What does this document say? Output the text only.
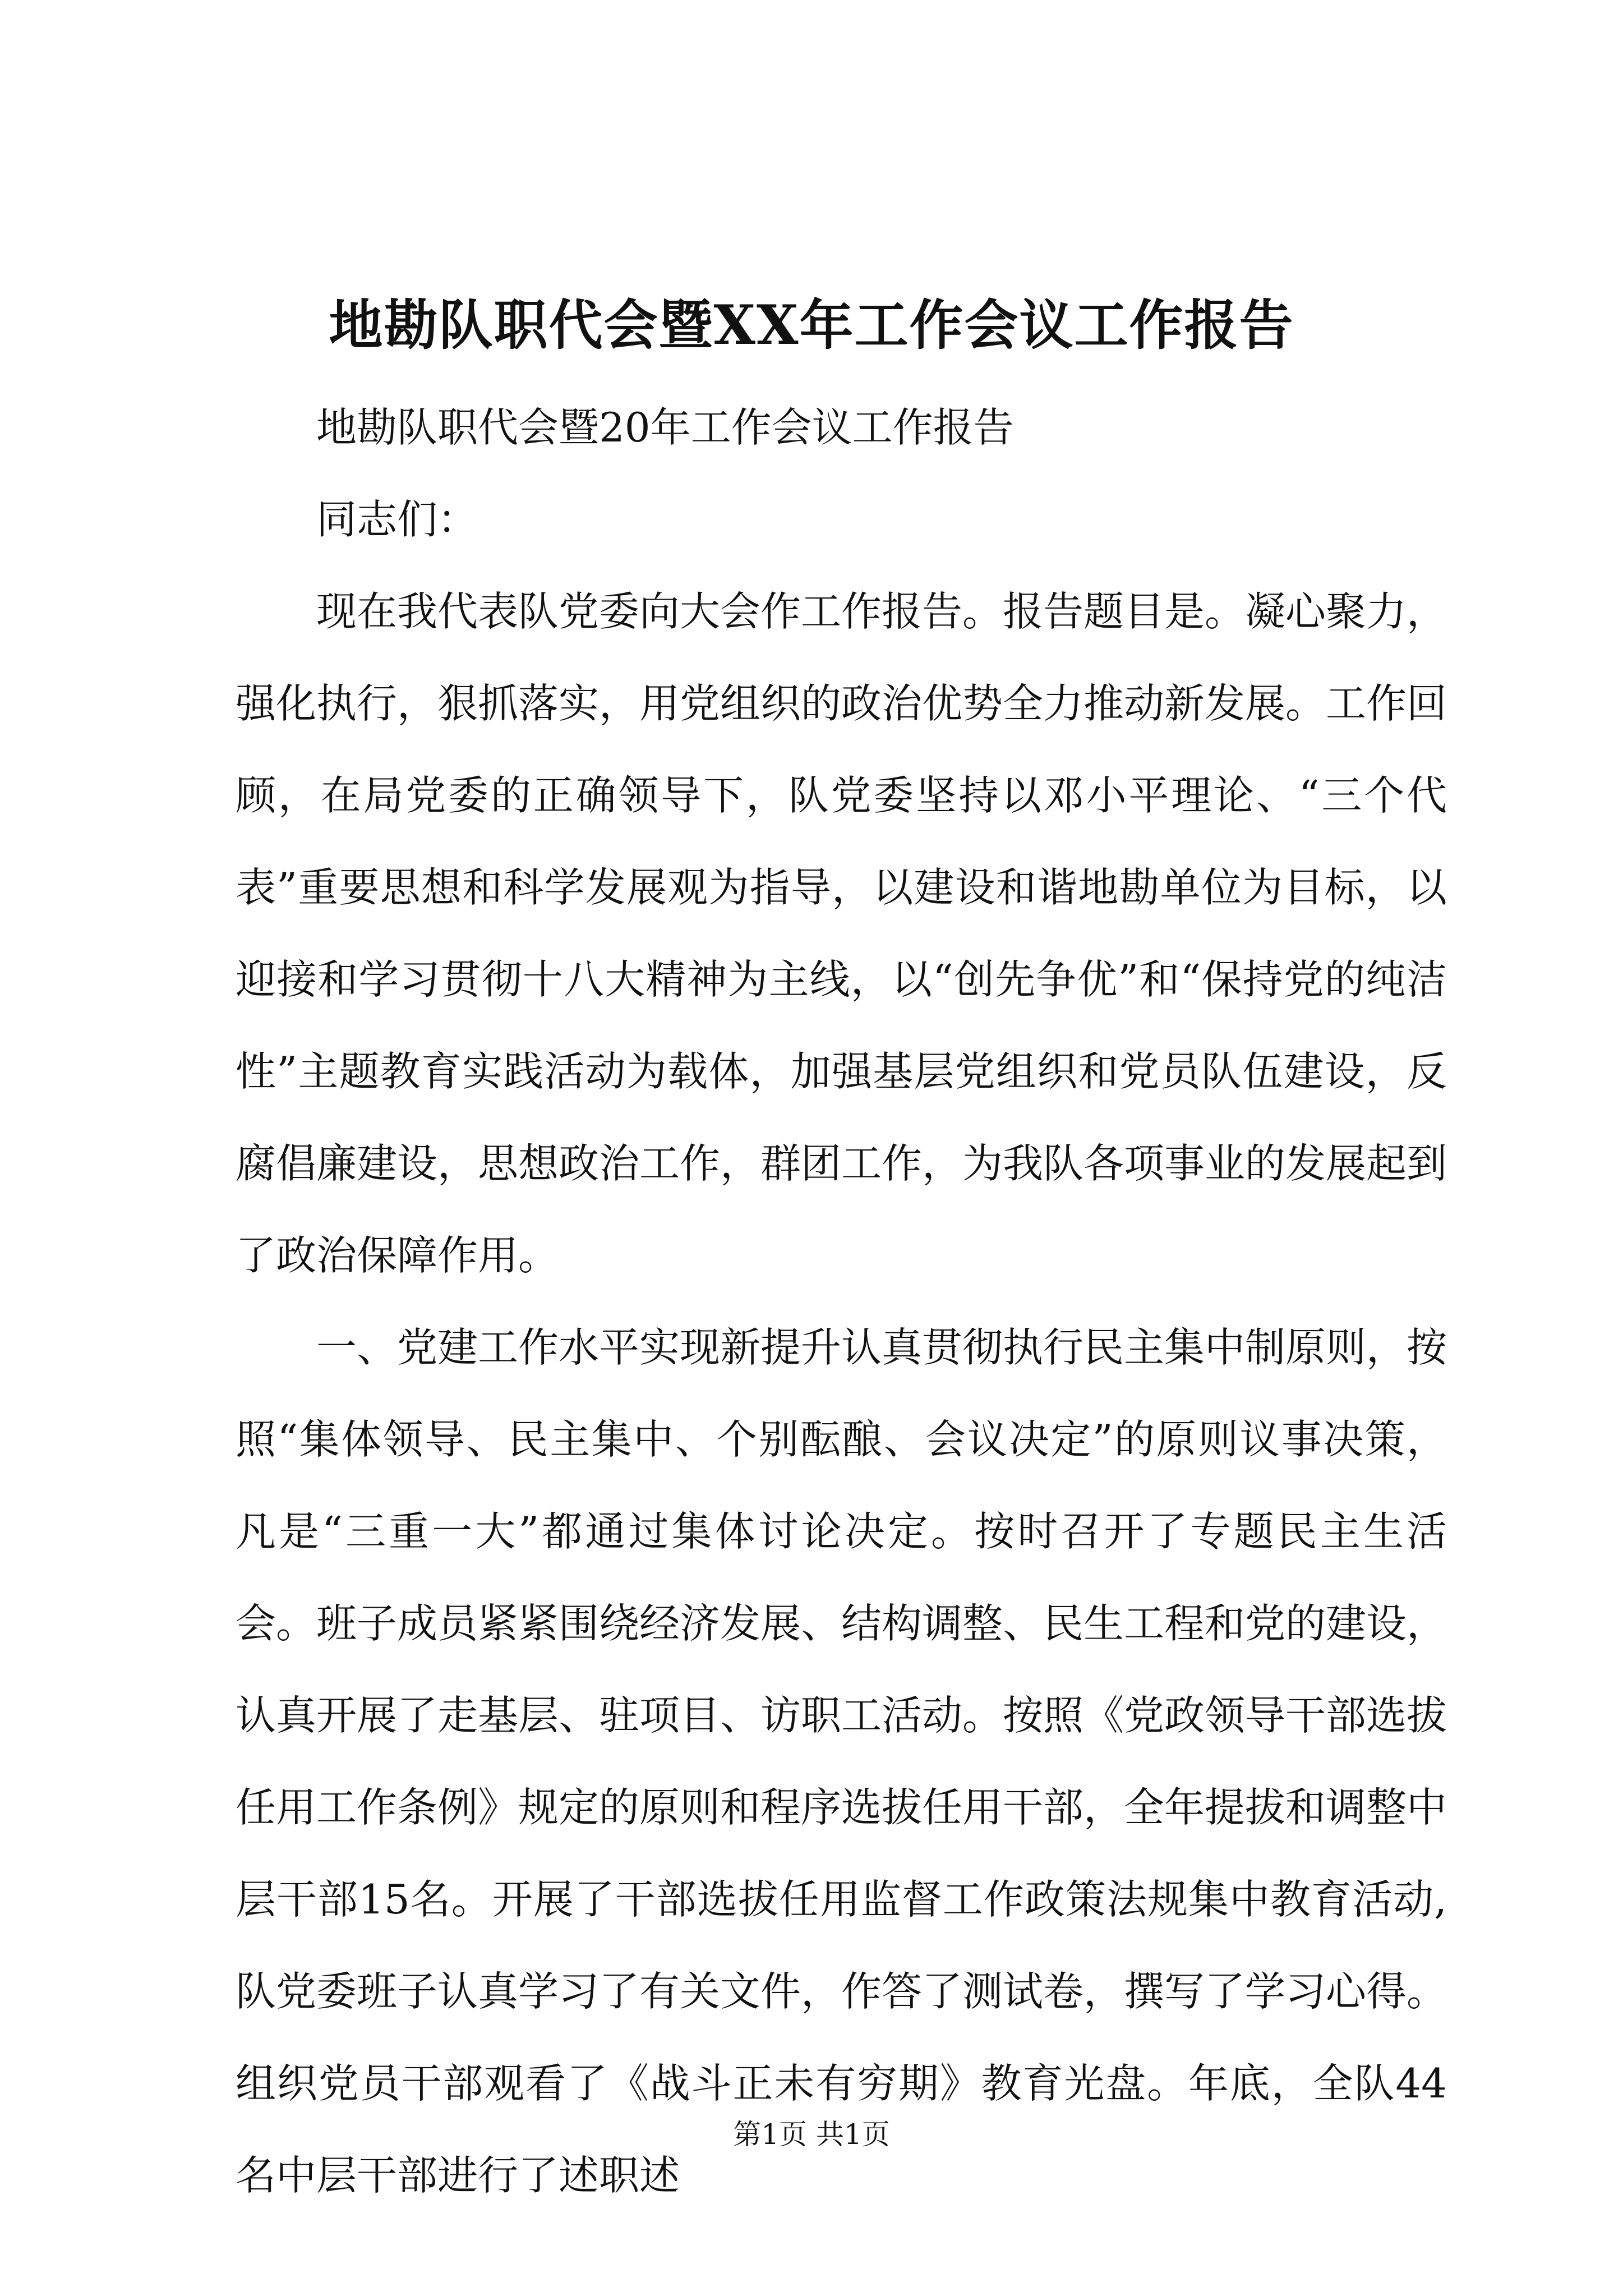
地勘队职代会暨XX年工作会议工作报告

地勘队职代会暨20年工作会议工作报告

同志们：

现在我代表队党委向大会作工作报告。报告题目是。凝心聚力，强化执行，狠抓落实，用党组织的政治优势全力推动新发展。工作回顾，在局党委的正确领导下，队党委坚持以邓小平理论、“三个代表”重要思想和科学发展观为指导，以建设和谐地勘单位为目标，以迎接和学习贯彻十八大精神为主线，以“创先争优”和“保持党的纯洁性”主题教育实践活动为载体，加强基层党组织和党员队伍建设，反腐倡廉建设，思想政治工作，群团工作，为我队各项事业的发展起到了政治保障作用。

一、党建工作水平实现新提升认真贯彻执行民主集中制原则，按照“集体领导、民主集中、个别酝酿、会议决定”的原则议事决策，凡是“三重一大”都通过集体讨论决定。按时召开了专题民主生活会。班子成员紧紧围绕经济发展、结构调整、民生工程和党的建设，认真开展了走基层、驻项目、访职工活动。按照《党政领导干部选拔任用工作条例》规定的原则和程序选拔任用干部，全年提拔和调整中层干部15名。开展了干部选拔任用监督工作政策法规集中教育活动,队党委班子认真学习了有关文件，作答了测试卷，撰写了学习心得。组织党员干部观看了《战斗正未有穷期》教育光盘。年底，全队44名中层干部进行了述职述

第1页 共1页
